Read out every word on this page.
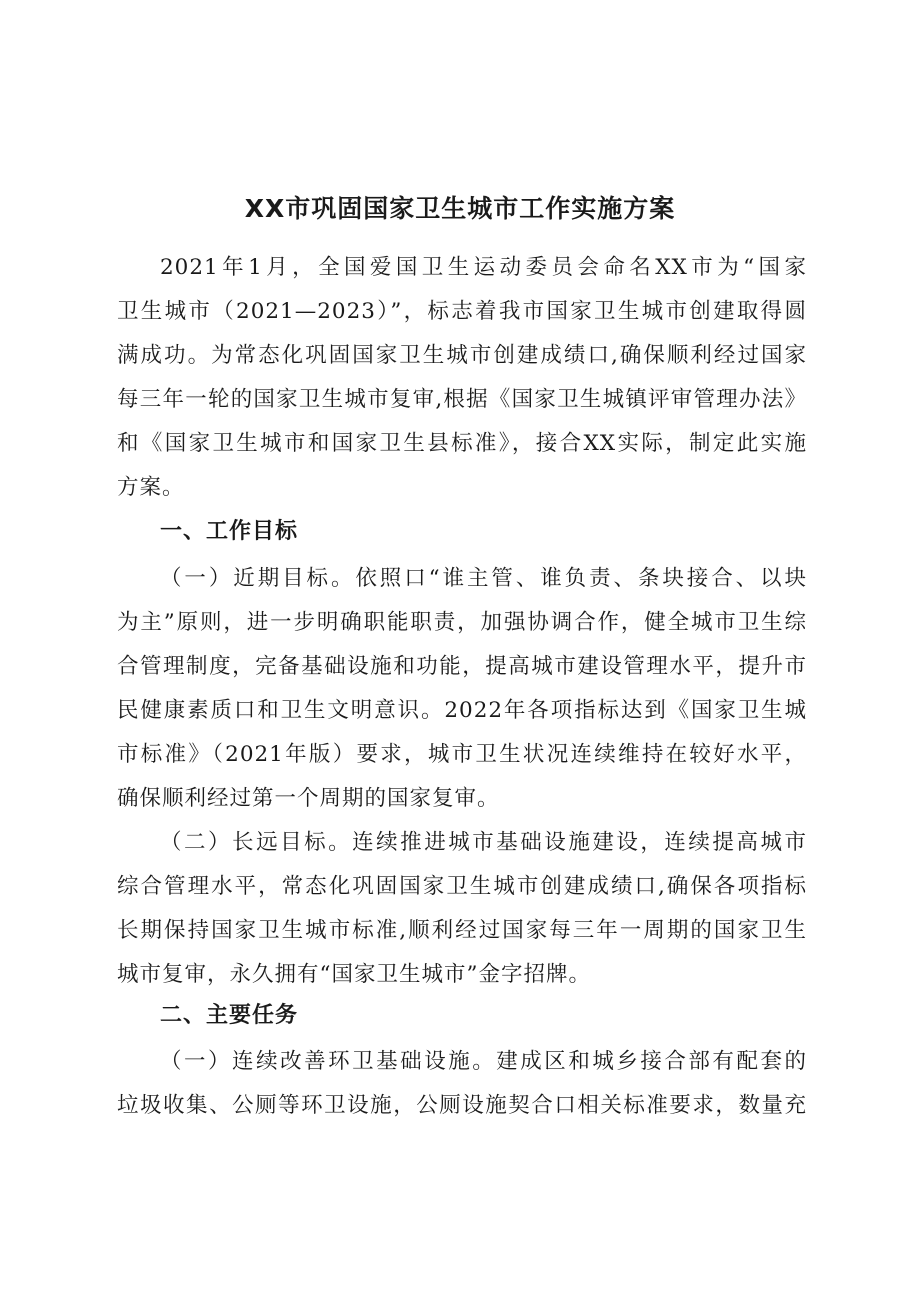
XX市巩固国家卫生城市工作实施方案
2021年1月，全国爱国卫生运动委员会命名XX市为“国家
卫生城市（2021—2023）”，标志着我市国家卫生城市创建取得圆
满成功。为常态化巩固国家卫生城市创建成绩口,确保顺利经过国家
每三年一轮的国家卫生城市复审,根据《国家卫生城镇评审管理办法》
和《国家卫生城市和国家卫生县标准》，接合XX实际，制定此实施
方案。
一、工作目标
（一）近期目标。依照口“谁主管、谁负责、条块接合、以块
为主”原则，进一步明确职能职责，加强协调合作，健全城市卫生综
合管理制度，完备基础设施和功能，提高城市建设管理水平，提升市
民健康素质口和卫生文明意识。2022年各项指标达到《国家卫生城
市标准》（2021年版）要求，城市卫生状况连续维持在较好水平，
确保顺利经过第一个周期的国家复审。
（二）长远目标。连续推进城市基础设施建设，连续提高城市
综合管理水平，常态化巩固国家卫生城市创建成绩口,确保各项指标
长期保持国家卫生城市标准,顺利经过国家每三年一周期的国家卫生
城市复审，永久拥有“国家卫生城市”金字招牌。
二、主要任务
（一）连续改善环卫基础设施。建成区和城乡接合部有配套的
垃圾收集、公厕等环卫设施，公厕设施契合口相关标准要求，数量充
